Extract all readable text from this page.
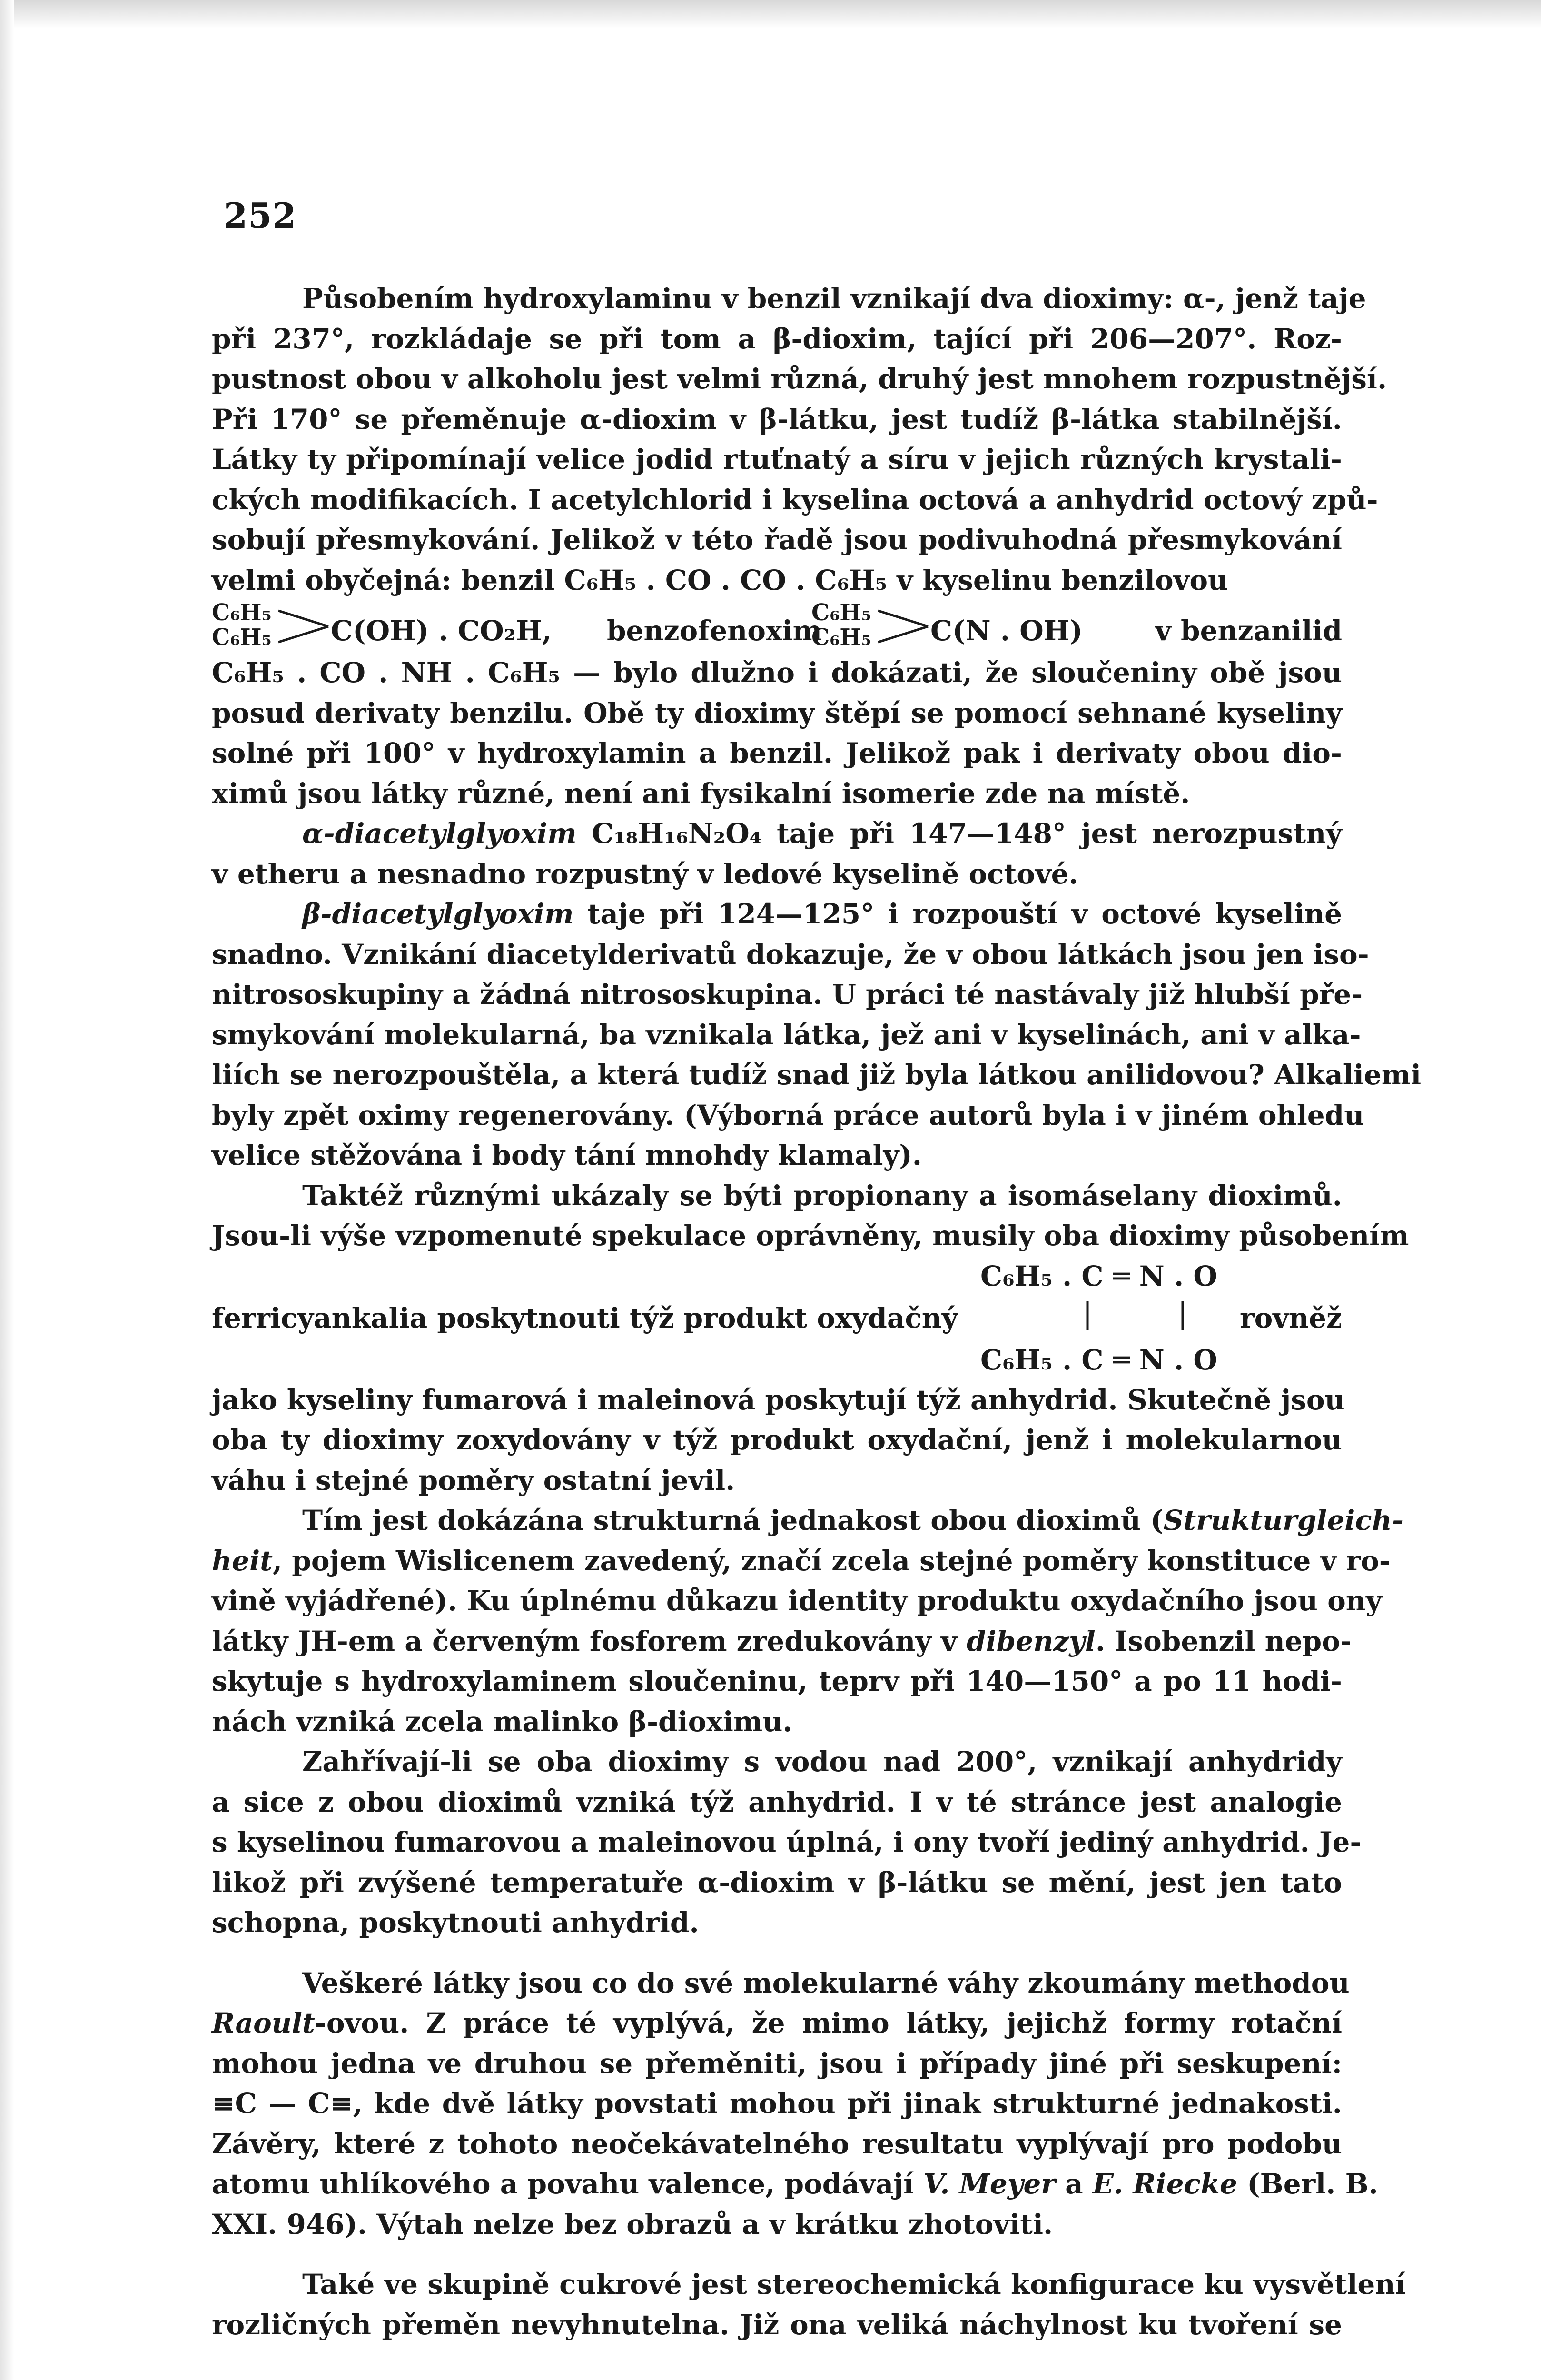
252
Působením hydroxylaminu v benzil vznikají dva dioximy: α-, jenž taje
při 237°, rozkládaje se při tom a β-dioxim, tající při 206—207°. Roz-
pustnost obou v alkoholu jest velmi různá, druhý jest mnohem rozpustnější.
Při 170° se přeměnuje α-dioxim v β-látku, jest tudíž β-látka stabilnější.
Látky ty připomínají velice jodid rtuťnatý a síru v jejich různých krystali-
ckých modifikacích. I acetylchlorid i kyselina octová a anhydrid octový způ-
sobují přesmykování. Jelikož v této řadě jsou podivuhodná přesmykování
velmi obyčejná: benzil C₆H₅ . CO . CO . C₆H₅ v kyselinu benzilovou
C₆H₅
C₆H₅ C(OH) . CO₂H, benzofenoxim
C₆H₅
C₆H₅ C(N . OH)	v benzanilid
C₆H₅ . CO . NH . C₆H₅ — bylo dlužno i dokázati, že sloučeniny obě jsou
posud derivaty benzilu. Obě ty dioximy štěpí se pomocí sehnané kyseliny
solné při 100° v hydroxylamin a benzil. Jelikož pak i derivaty obou dio-
ximů jsou látky různé, není ani fysikalní isomerie zde na místě.
α-diacetylglyoxim C₁₈H₁₆N₂O₄ taje při 147—148° jest nerozpustný
v etheru a nesnadno rozpustný v ledové kyselině octové.
β-diacetylglyoxim taje při 124—125° i rozpouští v octové kyselině
snadno. Vznikání diacetylderivatů dokazuje, že v obou látkách jsou jen iso-
nitrososkupiny a žádná nitrososkupina. U práci té nastávaly již hlubší pře-
smykování molekularná, ba vznikala látka, jež ani v kyselinách, ani v alka-
liích se nerozpouštěla, a která tudíž snad již byla látkou anilidovou? Alkaliemi
byly zpět oximy regenerovány. (Výborná práce autorů byla i v jiném ohledu
velice stěžována i body tání mnohdy klamaly).
Taktéž různými ukázaly se býti propionany a isomáselany dioximů.
Jsou-li výše vzpomenuté spekulace oprávněny, musily oba dioximy působením
C₆H₅ . C ═ N . O
ferricyankalia poskytnouti týž produkt oxydačný	rovněž
C₆H₅ . C ═ N . O
jako kyseliny fumarová i maleinová poskytují týž anhydrid. Skutečně jsou
oba ty dioximy zoxydovány v týž produkt oxydační, jenž i molekularnou
váhu i stejné poměry ostatní jevil.
Tím jest dokázána strukturná jednakost obou dioximů (Strukturgleich-
heit, pojem Wislicenem zavedený, značí zcela stejné poměry konstituce v ro-
vině vyjádřené). Ku úplnému důkazu identity produktu oxydačního jsou ony
látky JH-em a červeným fosforem zredukovány v dibenzyl. Isobenzil nepo-
skytuje s hydroxylaminem sloučeninu, teprv při 140—150° a po 11 hodi-
nách vzniká zcela malinko β-dioximu.
Zahřívají-li se oba dioximy s vodou nad 200°, vznikají anhydridy
a sice z obou dioximů vzniká týž anhydrid. I v té stránce jest analogie
s kyselinou fumarovou a maleinovou úplná, i ony tvoří jediný anhydrid. Je-
likož při zvýšené temperatuře α-dioxim v β-látku se mění, jest jen tato
schopna, poskytnouti anhydrid.
Veškeré látky jsou co do své molekularné váhy zkoumány methodou
Raoult-ovou. Z práce té vyplývá, že mimo látky, jejichž formy rotační
mohou jedna ve druhou se přeměniti, jsou i případy jiné při seskupení:
≡C — C≡, kde dvě látky povstati mohou při jinak strukturné jednakosti.
Závěry, které z tohoto neočekávatelného resultatu vyplývají pro podobu
atomu uhlíkového a povahu valence, podávají V. Meyer a E. Riecke (Berl. B.
XXI. 946). Výtah nelze bez obrazů a v krátku zhotoviti.
Také ve skupině cukrové jest stereochemická konfigurace ku vysvětlení
rozličných přeměn nevyhnutelna. Již ona veliká náchylnost ku tvoření se
